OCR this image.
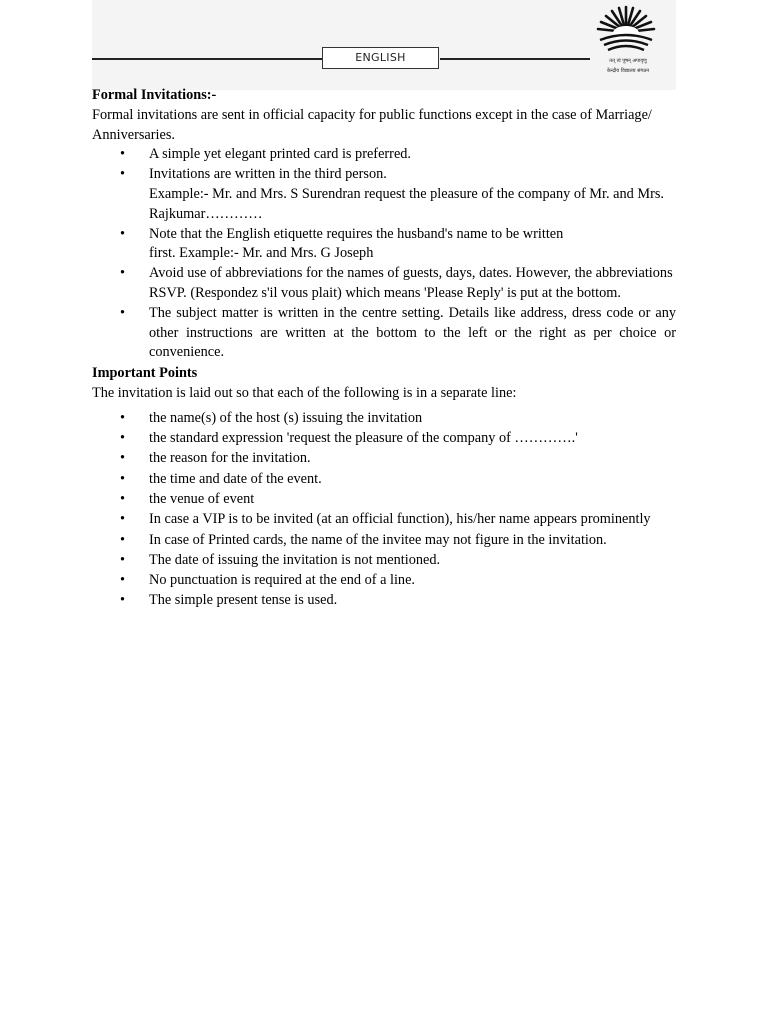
ENGLISH	तत् त्वं पूषन् अपावृणु
केन्द्रीय विद्यालय संगठन

Formal Invitations:-

Formal invitations are sent in official capacity for public functions except in the case of Marriage/ Anniversaries.

• A simple yet elegant printed card is preferred.
• Invitations are written in the third person.
Example:- Mr. and Mrs. S Surendran request the pleasure of the company of Mr. and Mrs. Rajkumar…………
• Note that the English etiquette requires the husband's name to be written
first. Example:- Mr. and Mrs. G Joseph
• Avoid use of abbreviations for the names of guests, days, dates. However, the abbreviations RSVP. (Respondez s'il vous plait) which means 'Please Reply' is put at the bottom.
• The subject matter is written in the centre setting. Details like address, dress code or any other instructions are written at the bottom to the left or the right as per choice or convenience.

Important Points

The invitation is laid out so that each of the following is in a separate line:

• the name(s) of the host (s) issuing the invitation
• the standard expression 'request the pleasure of the company of ………….'
• the reason for the invitation.
• the time and date of the event.
• the venue of event
• In case a VIP is to be invited (at an official function), his/her name appears prominently
• In case of Printed cards, the name of the invitee may not figure in the invitation.
• The date of issuing the invitation is not mentioned.
• No punctuation is required at the end of a line.
• The simple present tense is used.
